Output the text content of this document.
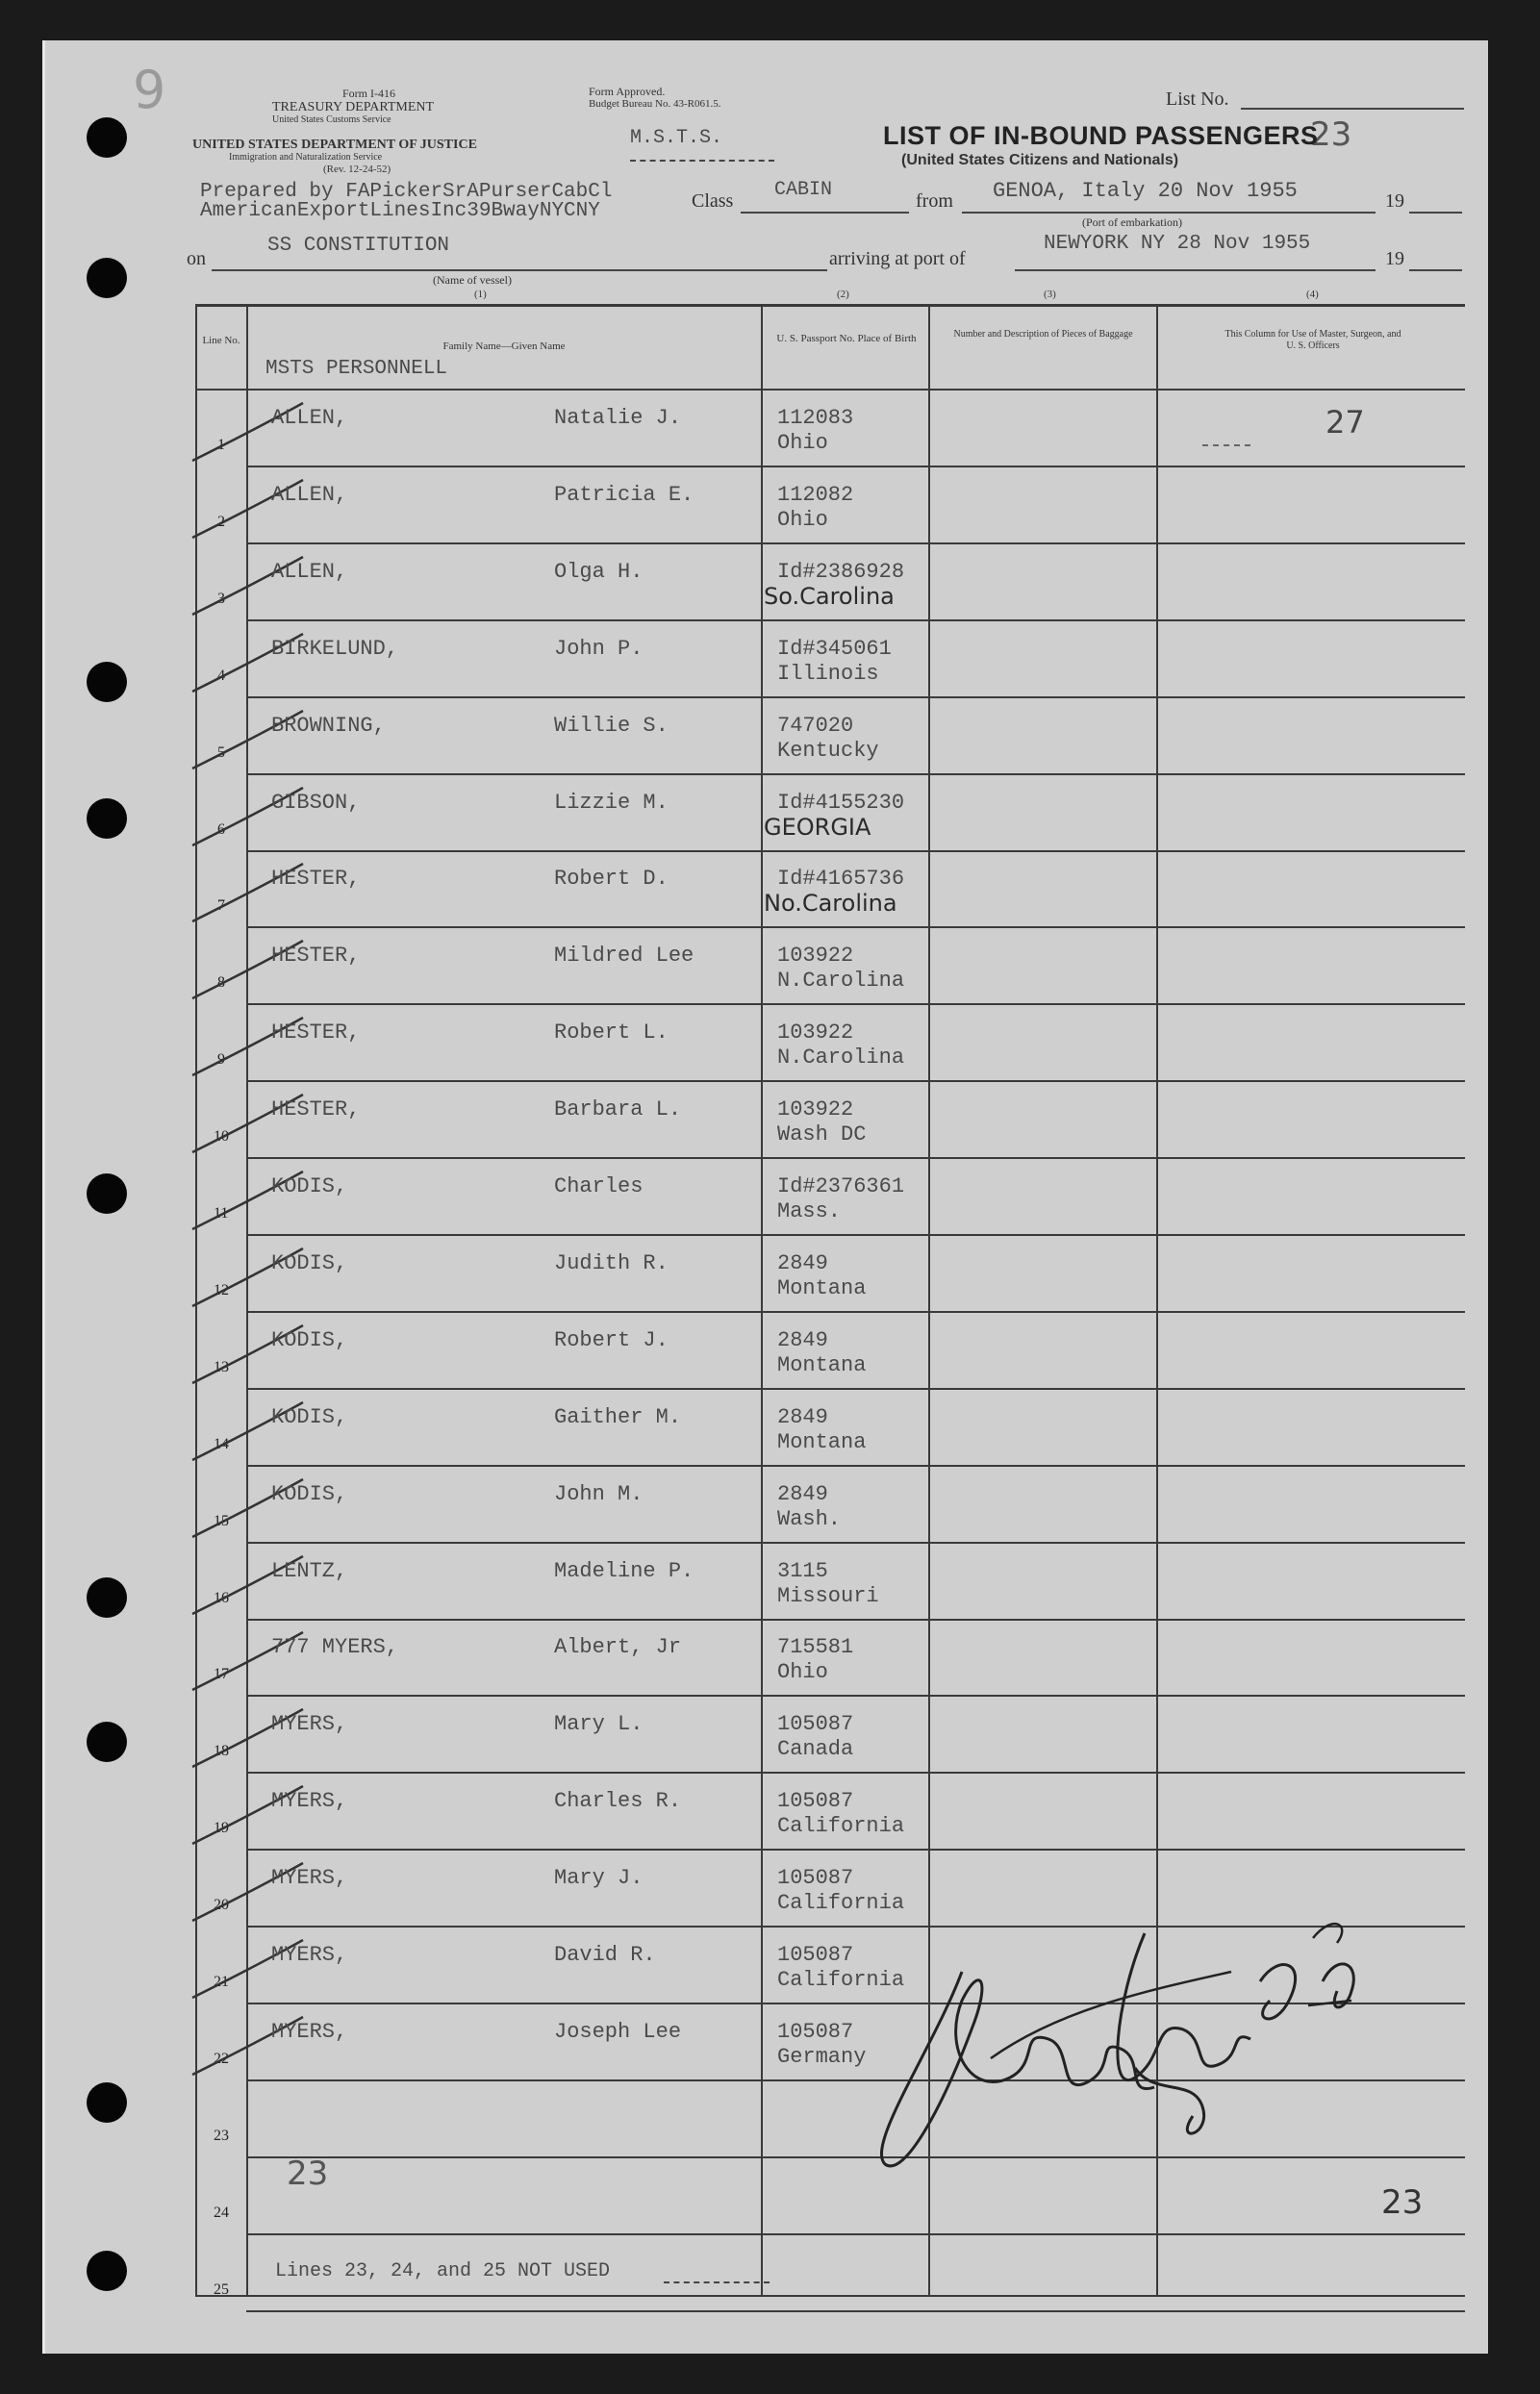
9	Form I-416
TREASURY DEPARTMENT
United States Customs Service
UNITED STATES DEPARTMENT OF JUSTICE
Immigration and Naturalization Service
(Rev. 12-24-52)
Form Approved.
Budget Bureau No. 43-R061.5.
M.S.T.S.
List No.
23
LIST OF IN-BOUND PASSENGERS
(United States Citizens and Nationals)
Prepared by FAPickerSrAPurserCabCl
AmericanExportLinesInc39BwayNYCNY	Class CABIN	from GENOA, Italy 20 Nov 1955	19
(Port of embarkation)
on
SS CONSTITUTION
(Name of vessel)
arriving at port of
NEWYORK NY 28 Nov 1955
19
(1)	(2)	(3)	(4)
Line No.	Family Name—Given Name
U. S. Passport No. Place of Birth	Number and Description of Pieces of Baggage	This Column for Use of Master, Surgeon, and U. S. Officers
MSTS PERSONNELL
1
ALLEN,	Natalie J.	112083
Ohio
2
ALLEN,	Patricia E.	112082
Ohio
3
ALLEN,	Olga H.	Id#2386928
So.Carolina
4
BIRKELUND,	John P.	Id#345061
Illinois
5
BROWNING,	Willie S.	747020
Kentucky
6
GIBSON,	Lizzie M.	Id#4155230
GEORGIA
7
HESTER,	Robert D.	Id#4165736
No.Carolina
8
HESTER,	Mildred Lee	103922
N.Carolina
9
HESTER,	Robert L.	103922
N.Carolina
10
HESTER,	Barbara L.	103922
Wash DC
11
KODIS,	Charles	Id#2376361
Mass.
12
KODIS,	Judith R.	2849
Montana
13
KODIS,	Robert J.	2849
Montana
14
KODIS,	Gaither M.	2849
Montana
15
KODIS,	John M.	2849
Wash.
16
LENTZ,	Madeline P.	3115
Missouri
17
777 MYERS,	Albert, Jr	715581
Ohio
18
MYERS,	Mary L.	105087
Canada
19
MYERS,	Charles R.	105087
California
20
MYERS,	Mary J.	105087
California
21
MYERS,	David R.	105087
California
22
MYERS,	Joseph Lee	105087
Germany
23
24
25
27
23
23
Lines 23, 24, and 25 NOT USED
